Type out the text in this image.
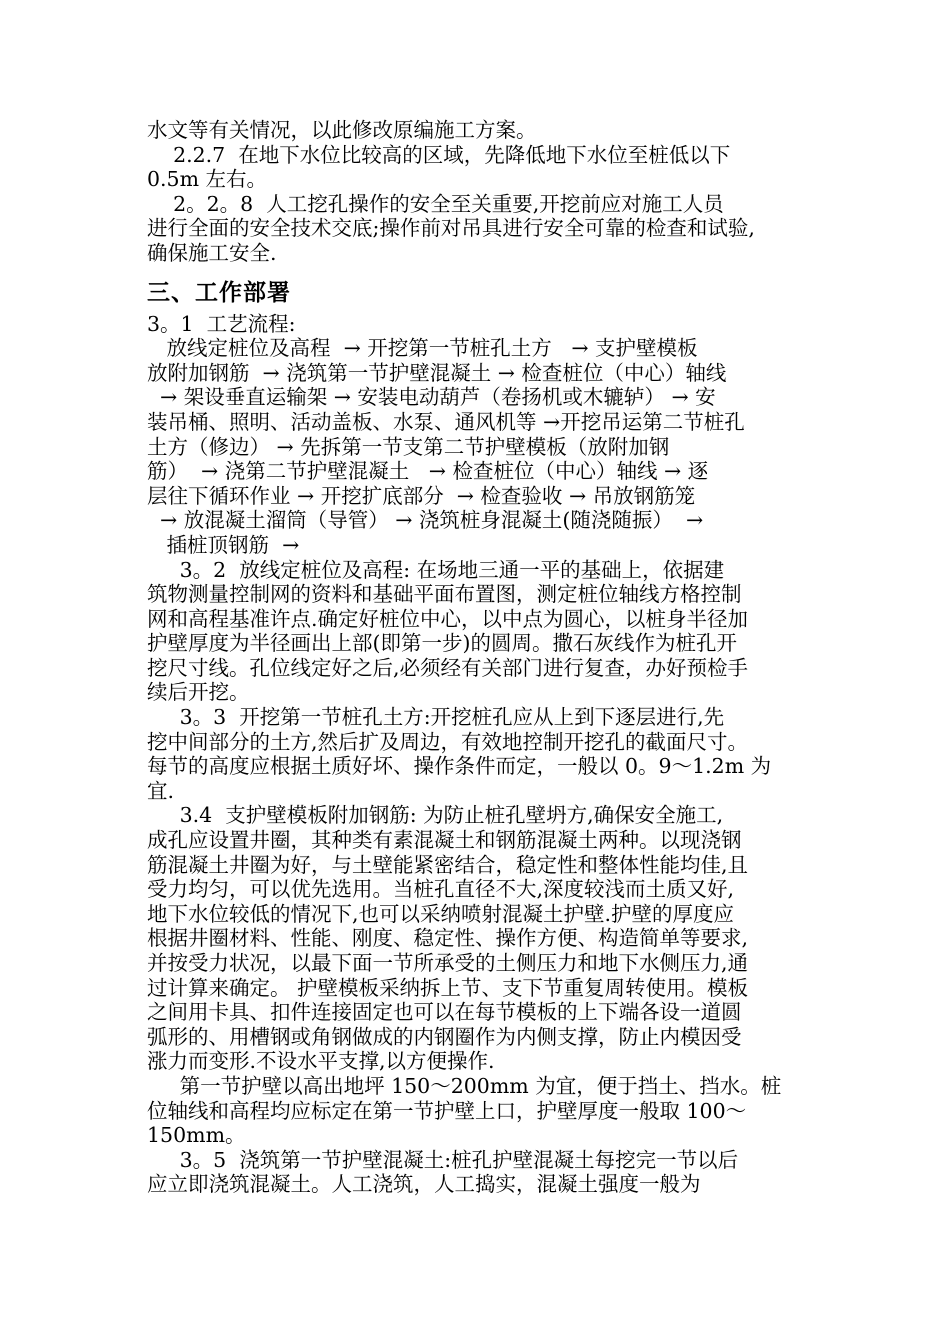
水文等有关情况，以此修改原编施工方案。
2.2.7  在地下水位比较高的区域，先降低地下水位至桩低以下
0.5m 左右。
2。2。8  人工挖孔操作的安全至关重要,开挖前应对施工人员
进行全面的安全技术交底;操作前对吊具进行安全可靠的检查和试验,
确保施工安全.
三、工作部署
3。1  工艺流程:
放线定桩位及高程  → 开挖第一节桩孔土方   → 支护壁模板
放附加钢筋  → 浇筑第一节护壁混凝土 → 检查桩位（中心）轴线
→ 架设垂直运输架 → 安装电动葫芦（卷扬机或木辘轳） → 安
装吊桶、照明、活动盖板、水泵、通风机等 →开挖吊运第二节桩孔
土方（修边） → 先拆第一节支第二节护壁模板（放附加钢
筋）  → 浇第二节护壁混凝土   → 检查桩位（中心）轴线 → 逐
层往下循环作业 → 开挖扩底部分  → 检查验收 → 吊放钢筋笼
→ 放混凝土溜筒（导管） → 浇筑桩身混凝土(随浇随振）  →
插桩顶钢筋  →
3。2  放线定桩位及高程: 在场地三通一平的基础上，依据建
筑物测量控制网的资料和基础平面布置图，测定桩位轴线方格控制
网和高程基准许点.确定好桩位中心，以中点为圆心，以桩身半径加
护壁厚度为半径画出上部(即第一步)的圆周。撒石灰线作为桩孔开
挖尺寸线。孔位线定好之后,必须经有关部门进行复查，办好预检手
续后开挖。
3。3  开挖第一节桩孔土方:开挖桩孔应从上到下逐层进行,先
挖中间部分的土方,然后扩及周边，有效地控制开挖孔的截面尺寸。
每节的高度应根据土质好坏、操作条件而定，一般以 0。9～1.2m 为
宜.
3.4  支护壁模板附加钢筋: 为防止桩孔壁坍方,确保安全施工,
成孔应设置井圈，其种类有素混凝土和钢筋混凝土两种。以现浇钢
筋混凝土井圈为好，与土壁能紧密结合，稳定性和整体性能均佳,且
受力均匀，可以优先选用。当桩孔直径不大,深度较浅而土质又好,
地下水位较低的情况下,也可以采纳喷射混凝土护壁.护壁的厚度应
根据井圈材料、性能、刚度、稳定性、操作方便、构造简单等要求,
并按受力状况，以最下面一节所承受的土侧压力和地下水侧压力,通
过计算来确定。 护壁模板采纳拆上节、支下节重复周转使用。模板
之间用卡具、扣件连接固定也可以在每节模板的上下端各设一道圆
弧形的、用槽钢或角钢做成的内钢圈作为内侧支撑，防止内模因受
涨力而变形.不设水平支撑,以方便操作.
第一节护壁以高出地坪 150～200mm 为宜，便于挡土、挡水。桩
位轴线和高程均应标定在第一节护壁上口，护壁厚度一般取 100～
150mm。
3。5  浇筑第一节护壁混凝土:桩孔护壁混凝土每挖完一节以后
应立即浇筑混凝土。人工浇筑，人工捣实，混凝土强度一般为
